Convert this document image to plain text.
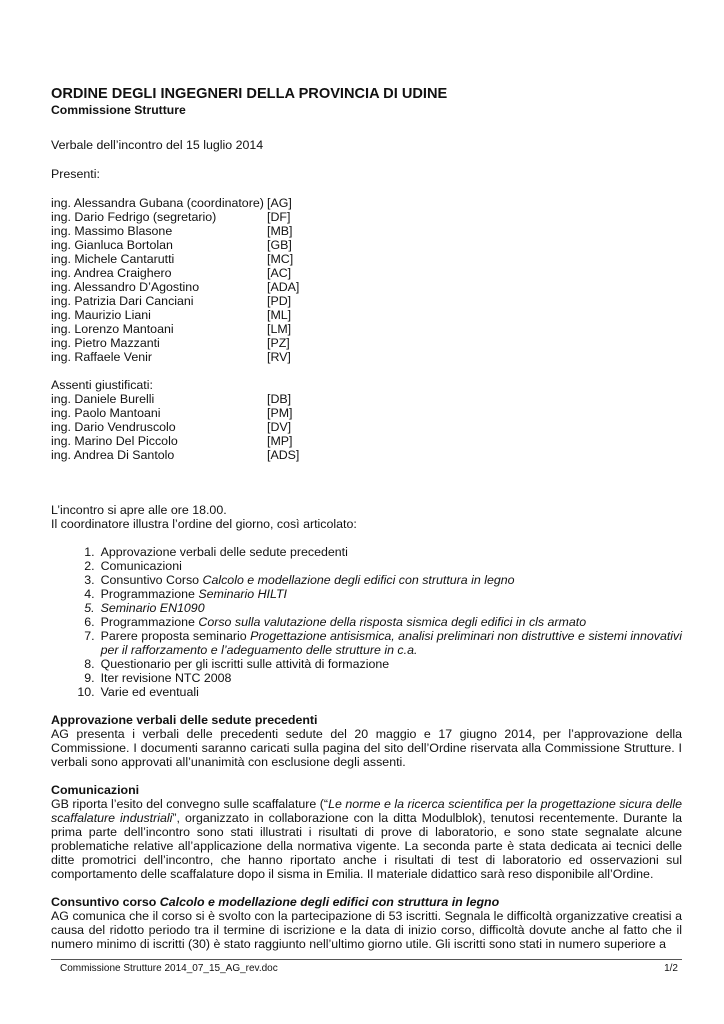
ORDINE DEGLI INGEGNERI DELLA PROVINCIA DI UDINE
Commissione Strutture
Verbale dell’incontro del 15 luglio 2014
Presenti:
ing. Alessandra Gubana (coordinatore) [AG]
ing. Dario Fedrigo (segretario)	[DF]
ing. Massimo Blasone	[MB]
ing. Gianluca Bortolan	[GB]
ing. Michele Cantarutti	[MC]
ing. Andrea Craighero	[AC]
ing. Alessandro D’Agostino	[ADA]
ing. Patrizia Dari Canciani	[PD]
ing. Maurizio Liani	[ML]
ing. Lorenzo Mantoani	[LM]
ing. Pietro Mazzanti	[PZ]
ing. Raffaele Venir	[RV]
Assenti giustificati:
ing. Daniele Burelli	[DB]
ing. Paolo Mantoani	[PM]
ing. Dario Vendruscolo	[DV]
ing. Marino Del Piccolo	[MP]
ing. Andrea Di Santolo	[ADS]
L’incontro si apre alle ore 18.00.
Il coordinatore illustra l’ordine del giorno, così articolato:
1. Approvazione verbali delle sedute precedenti
2. Comunicazioni
3. Consuntivo Corso Calcolo e modellazione degli edifici con struttura in legno
4. Programmazione Seminario HILTI
5. Seminario EN1090
6. Programmazione Corso sulla valutazione della risposta sismica degli edifici in cls armato
7. Parere proposta seminario Progettazione antisismica, analisi preliminari non distruttive e sistemi innovativi per il rafforzamento e l’adeguamento delle strutture in c.a.
8. Questionario per gli iscritti sulle attività di formazione
9. Iter revisione NTC 2008
10. Varie ed eventuali
Approvazione verbali delle sedute precedenti
AG presenta i verbali delle precedenti sedute del 20 maggio e 17 giugno 2014, per l’approvazione della Commissione. I documenti saranno caricati sulla pagina del sito dell’Ordine riservata alla Commissione Strutture. I verbali sono approvati all’unanimità con esclusione degli assenti.
Comunicazioni
GB riporta l’esito del convegno sulle scaffalature (“Le norme e la ricerca scientifica per la progettazione sicura delle scaffalature industriali”, organizzato in collaborazione con la ditta Modulblok), tenutosi recentemente. Durante la prima parte dell’incontro sono stati illustrati i risultati di prove di laboratorio, e sono state segnalate alcune problematiche relative all’applicazione della normativa vigente. La seconda parte è stata dedicata ai tecnici delle ditte promotrici dell’incontro, che hanno riportato anche i risultati di test di laboratorio ed osservazioni sul comportamento delle scaffalature dopo il sisma in Emilia. Il materiale didattico sarà reso disponibile all’Ordine.
Consuntivo corso Calcolo e modellazione degli edifici con struttura in legno
AG comunica che il corso si è svolto con la partecipazione di 53 iscritti. Segnala le difficoltà organizzative creatisi a causa del ridotto periodo tra il termine di iscrizione e la data di inizio corso, difficoltà dovute anche al fatto che il numero minimo di iscritti (30) è stato raggiunto nell’ultimo giorno utile. Gli iscritti sono stati in numero superiore a
Commissione Strutture 2014_07_15_AG_rev.doc	1/2
